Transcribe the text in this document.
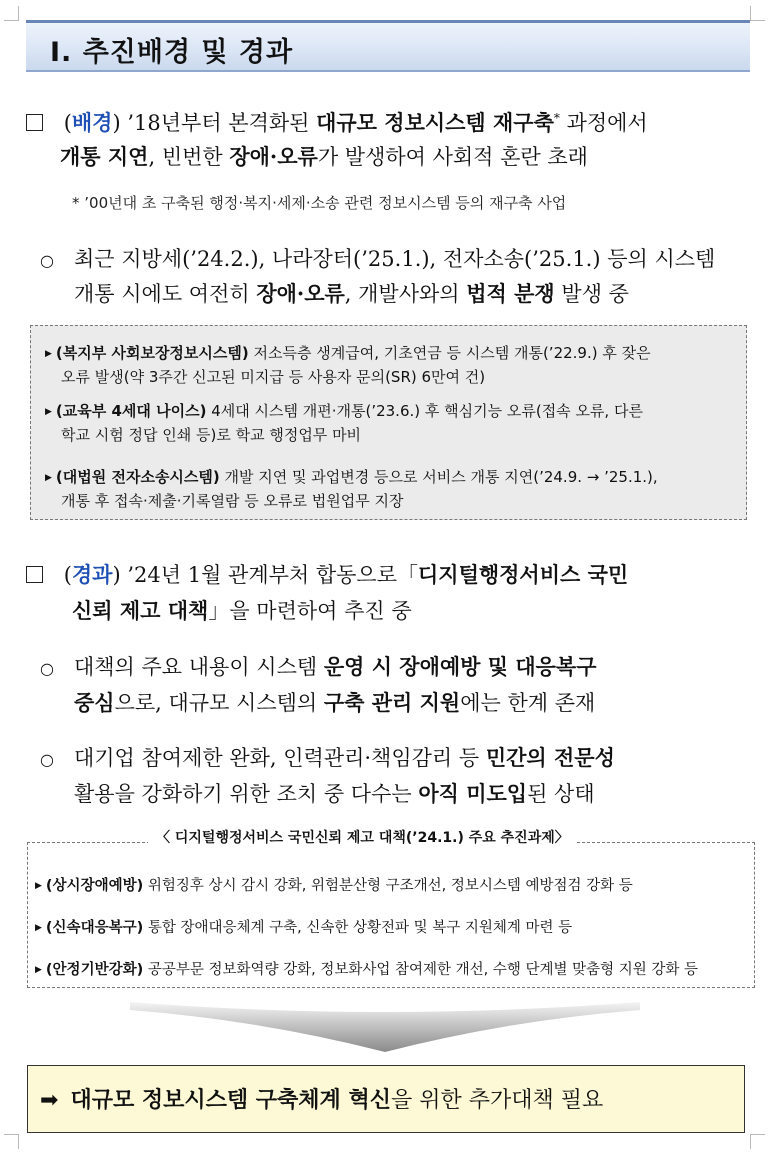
Ⅰ. 추진배경 및 경과
(배경) ’18년부터 본격화된 대규모 정보시스템 재구축* 과정에서
개통 지연, 빈번한 장애·오류가 발생하여 사회적 혼란 초래
* ’00년대 초 구축된 행정·복지·세제·소송 관련 정보시스템 등의 재구축 사업
○ 최근 지방세(’24.2.), 나라장터(’25.1.), 전자소송(’25.1.) 등의 시스템
개통 시에도 여전히 장애·오류, 개발사와의 법적 분쟁 발생 중
▶ (복지부 사회보장정보시스템) 저소득층 생계급여, 기초연금 등 시스템 개통(’22.9.) 후 잦은
오류 발생(약 3주간 신고된 미지급 등 사용자 문의(SR) 6만여 건)
▶ (교육부 4세대 나이스) 4세대 시스템 개편·개통(’23.6.) 후 핵심기능 오류(접속 오류, 다른
학교 시험 정답 인쇄 등)로 학교 행정업무 마비
▶ (대법원 전자소송시스템) 개발 지연 및 과업변경 등으로 서비스 개통 지연(’24.9. → ’25.1.),
개통 후 접속·제출·기록열람 등 오류로 법원업무 지장
(경과) ’24년 1월 관계부처 합동으로「디지털행정서비스 국민
신뢰 제고 대책」을 마련하여 추진 중
○ 대책의 주요 내용이 시스템 운영 시 장애예방 및 대응복구
중심으로, 대규모 시스템의 구축 관리 지원에는 한계 존재
○ 대기업 참여제한 완화, 인력관리·책임감리 등 민간의 전문성
활용을 강화하기 위한 조치 중 다수는 아직 미도입된 상태
〈 디지털행정서비스 국민신뢰 제고 대책(’24.1.) 주요 추진과제〉
▶ (상시장애예방) 위험징후 상시 감시 강화, 위험분산형 구조개선, 정보시스템 예방점검 강화 등
▶ (신속대응복구) 통합 장애대응체계 구축, 신속한 상황전파 및 복구 지원체계 마련 등
▶ (안정기반강화) 공공부문 정보화역량 강화, 정보화사업 참여제한 개선, 수행 단계별 맞춤형 지원 강화 등
➡ 대규모 정보시스템 구축체계 혁신을 위한 추가대책 필요
